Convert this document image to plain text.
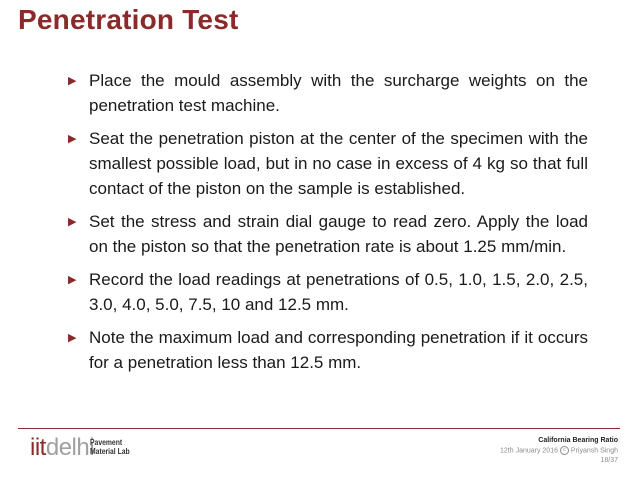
Penetration Test
▶ Place the mould assembly with the surcharge weights on the penetration test machine.
▶ Seat the penetration piston at the center of the specimen with the smallest possible load, but in no case in excess of 4 kg so that full contact of the piston on the sample is established.
▶ Set the stress and strain dial gauge to read zero. Apply the load on the piston so that the penetration rate is about 1.25 mm/min.
▶ Record the load readings at penetrations of 0.5, 1.0, 1.5, 2.0, 2.5, 3.0, 4.0, 5.0, 7.5, 10 and 12.5 mm.
▶ Note the maximum load and corresponding penetration if it occurs for a penetration less than 12.5 mm.
iitdelhi
Pavement
Material Lab
California Bearing Ratio
12th January 2016 c Priyansh Singh
18/37
